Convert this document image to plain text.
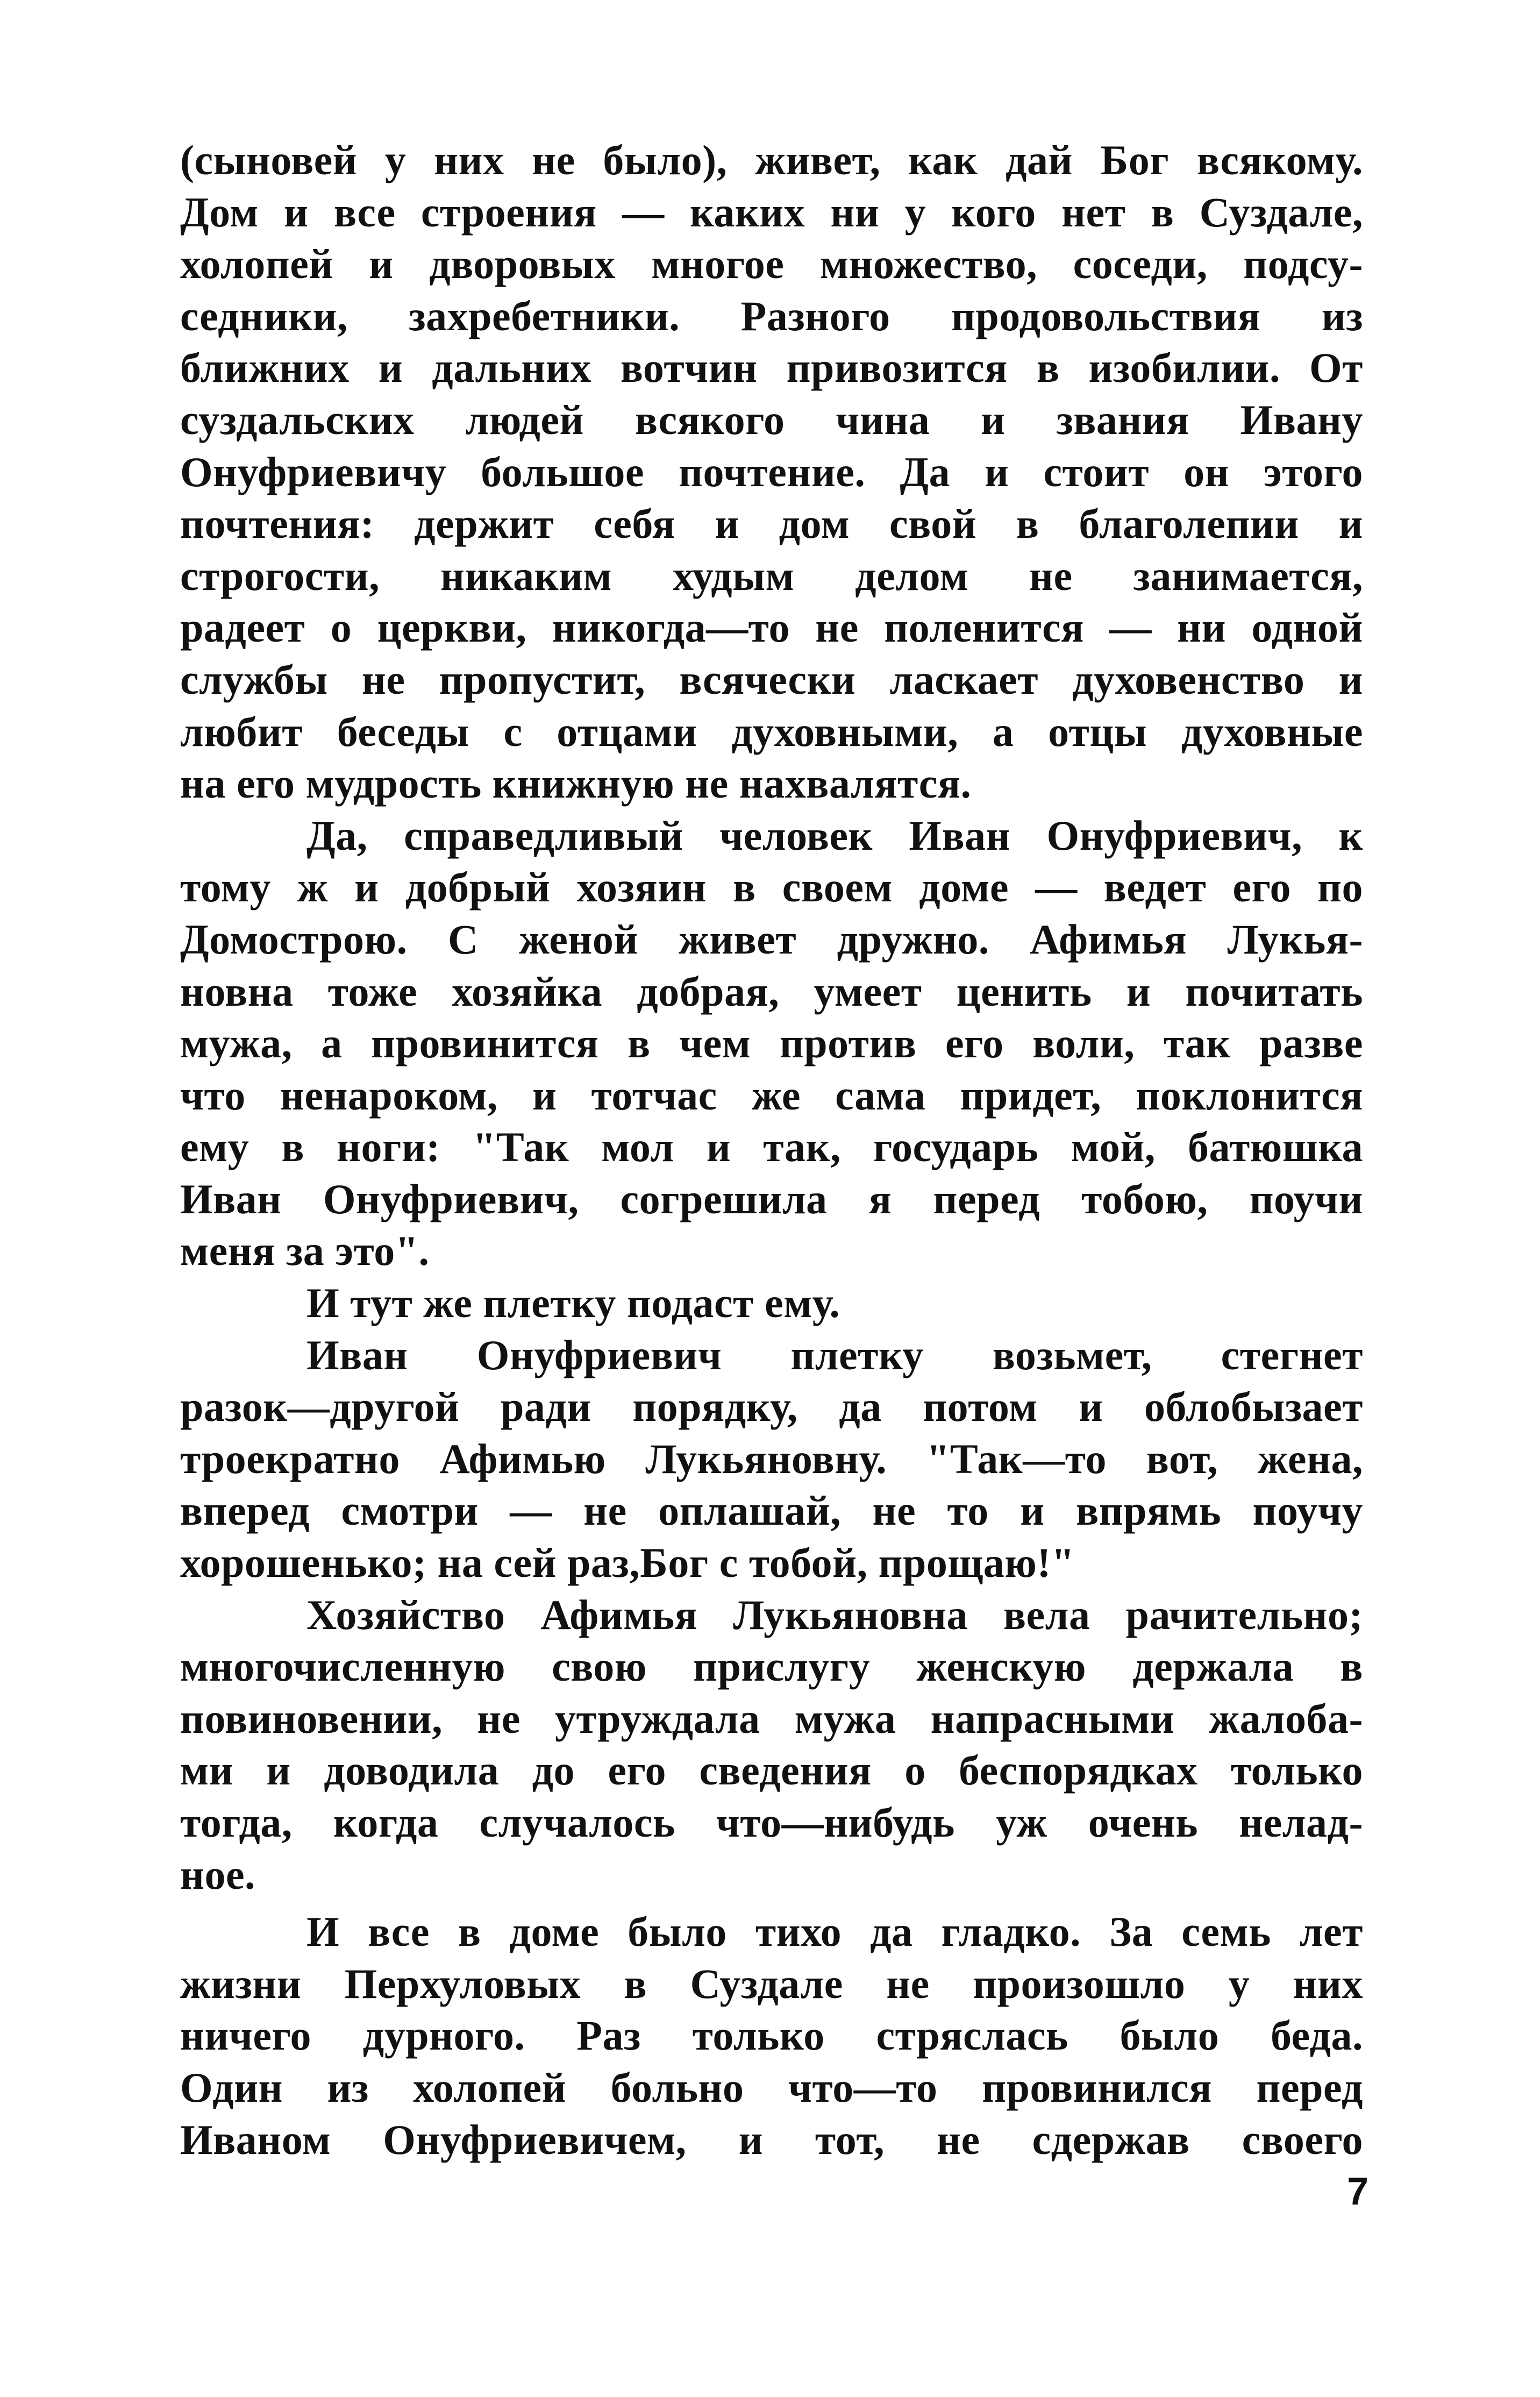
(сыновей у них не было), живет, как дай Бог всякому.
Дом и все строения — каких ни у кого нет в Суздале,
холопей и дворовых многое множество, соседи, подсу-
седники, захребетники. Разного продовольствия из
ближних и дальних вотчин привозится в изобилии. От
суздальских людей всякого чина и звания Ивану
Онуфриевичу большое почтение. Да и стоит он этого
почтения: держит себя и дом свой в благолепии и
строгости, никаким худым делом не занимается,
радеет о церкви, никогда—то не поленится — ни одной
службы не пропустит, всячески ласкает духовенство и
любит беседы с отцами духовными, а отцы духовные
на его мудрость книжную не нахвалятся.
Да, справедливый человек Иван Онуфриевич, к
тому ж и добрый хозяин в своем доме — ведет его по
Домострою. С женой живет дружно. Афимья Лукья-
новна тоже хозяйка добрая, умеет ценить и почитать
мужа, а провинится в чем против его воли, так разве
что ненароком, и тотчас же сама придет, поклонится
ему в ноги: "Так мол и так, государь мой, батюшка
Иван Онуфриевич, согрешила я перед тобою, поучи
меня за это".
И тут же плетку подаст ему.
Иван Онуфриевич плетку возьмет, стегнет
разок—другой ради порядку, да потом и облобызает
троекратно Афимью Лукьяновну. "Так—то вот, жена,
вперед смотри — не оплашай, не то и впрямь поучу
хорошенько; на сей раз,Бог с тобой, прощаю!"
Хозяйство Афимья Лукьяновна вела рачительно;
многочисленную свою прислугу женскую держала в
повиновении, не утруждала мужа напрасными жалоба-
ми и доводила до его сведения о беспорядках только
тогда, когда случалось что—нибудь уж очень нелад-
ное.
И все в доме было тихо да гладко. За семь лет
жизни Перхуловых в Суздале не произошло у них
ничего дурного. Раз только стряслась было беда.
Один из холопей больно что—то провинился перед
Иваном Онуфриевичем, и тот, не сдержав своего
7
